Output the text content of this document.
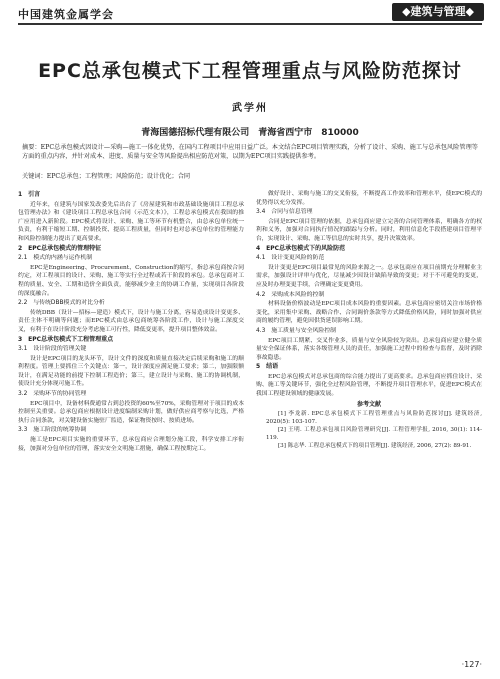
中国建筑金属学会	◆建筑与管理◆
EPC总承包模式下工程管理重点与风险防范探讨
武学州
青海国德招标代理有限公司　青海省西宁市　810000
摘要：EPC总承包模式因设计—采购—施工一体化优势，在国内工程项目中应用日益广泛。本文结合EPC项目管理实践，分析了设计、采购、施工与总承包风险管理等方面的重点内容，并针对成本、进度、质量与安全等风险提出相应防范对策，以期为EPC项目实践提供参考。
关键词：EPC总承包；工程管理；风险防范；设计优化；合同
1　引言

近年来，在建筑与国家发改委先后出台了《房屋建筑和市政基础设施项目工程总承包管理办法》和《建设项目工程总承包合同（示范文本）》，工程总承包模式在我国的推广应用进入新阶段。EPC模式将设计、采购、施工等环节有机整合，由总承包单位统一负责，有利于缩短工期、控制投资、提高工程质量，但同时也对总承包单位的管理能力和风险控制能力提出了更高要求。

2　EPC总承包模式的管理特征
2.1　模式的内涵与运作机制

EPC是Engineering、Procurement、Construction的缩写，指总承包商按合同约定，对工程项目的设计、采购、施工等实行全过程或若干阶段的承包。总承包商对工程的质量、安全、工期和造价全面负责，能够减少业主的协调工作量，实现项目各阶段的深度融合。

2.2　与传统DBB模式的对比分析

传统DBB（设计—招标—建造）模式下，设计与施工分离，容易造成设计变更多、责任主体不明确等问题；而EPC模式由总承包商统筹各阶段工作，设计与施工深度交叉，有利于在设计阶段充分考虑施工可行性，降低变更率，提升项目整体效益。

3　EPC总承包模式下工程管理重点
3.1　设计阶段的管理关键

设计是EPC项目的龙头环节，设计文件的深度和质量直接决定后续采购和施工的顺利程度。管理上要抓住三个关键点：第一，设计深度应满足施工要求；第二，加强限额设计，在满足功能的前提下控制工程造价；第三，建立设计与采购、施工的协调机制，使设计充分体现可施工性。

3.2　采购环节的协同管理

EPC项目中，设备材料费通常占到总投资的60%至70%，采购管理对于项目的成本控制至关重要。总承包商应根据设计进度编制采购计划，做好供应商考察与比选，严格执行合同条款，对关键设备实施驻厂监造，保证物资按时、按质进场。

3.3　施工阶段的统筹协调

施工是EPC项目实施的重要环节，总承包商应合理划分施工段，科学安排工序衔接，加强对分包单位的管理，落实安全文明施工措施，确保工程按期完工。

做好设计、采购与施工的交叉衔接，不断提高工作效率和管理水平，使EPC模式的优势得以充分发挥。

3.4　合同与信息管理

合同是EPC项目管理的依据，总承包商应建立完善的合同管理体系，明确各方的权利和义务，加强对合同执行情况的跟踪与分析。同时，利用信息化手段搭建项目管理平台，实现设计、采购、施工等信息的实时共享，提升决策效率。

4　EPC总承包模式下的风险防范
4.1　设计变更风险的防范

设计变更是EPC项目最常见的风险来源之一。总承包商应在项目前期充分理解业主需求，加强设计评审与优化，尽量减少因设计缺陷导致的变更；对于不可避免的变更，应及时办理变更手续，合理确定变更费用。

4.2　采购成本风险的控制

材料设备价格波动是EPC项目成本风险的重要因素。总承包商应密切关注市场价格变化，采用集中采购、战略合作、合同调价条款等方式降低价格风险，同时加强对供应商的履约管理，避免因供货延误影响工期。

4.3　施工质量与安全风险控制

EPC项目工期紧、交叉作业多，质量与安全风险较为突出。总承包商应建立健全质量安全保证体系，落实各级管理人员的责任，加强施工过程中的检查与监督，及时消除事故隐患。

5　结语

EPC总承包模式对总承包商的综合能力提出了更高要求。总承包商应抓住设计、采购、施工等关键环节，强化全过程风险管理，不断提升项目管理水平，促进EPC模式在我国工程建设领域的健康发展。

参考文献

[1] 李龙新. EPC总承包模式下工程管理重点与风险防范探讨[J]. 建筑经济, 2020(5): 103-107.

[2] 王明. 工程总承包项目风险管理研究[J]. 工程管理学报, 2016, 30(1): 114-119.

[3] 陈志华. 工程总承包模式下的项目管理[J]. 建筑经济, 2006, 27(2): 89-91.

·127·
